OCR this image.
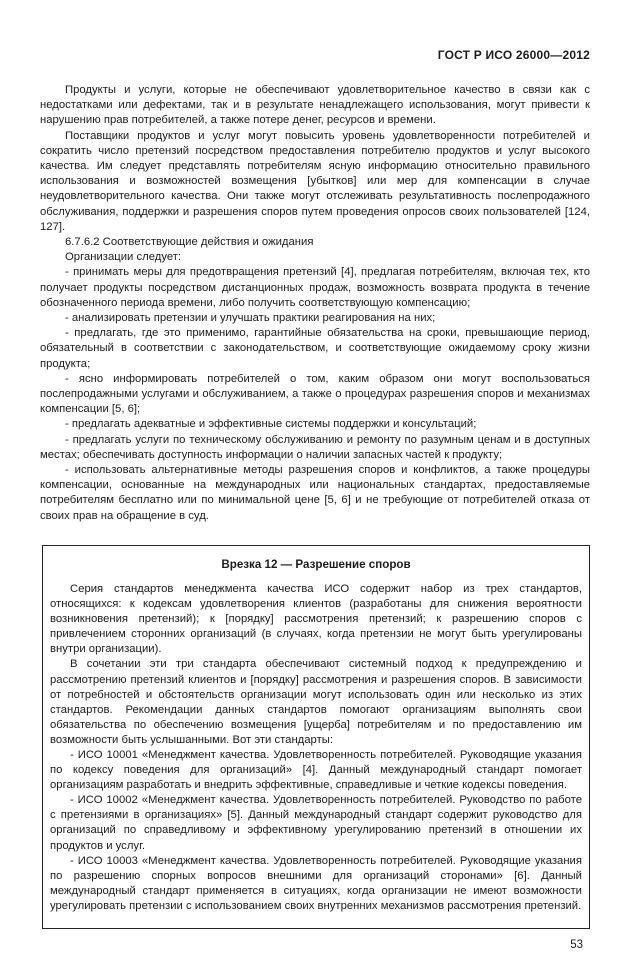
ГОСТ Р ИСО 26000—2012

Продукты и услуги, которые не обеспечивают удовлетворительное качество в связи как с недостатками или дефектами, так и в результате ненадлежащего использования, могут привести к нарушению прав потребителей, а также потере денег, ресурсов и времени.

Поставщики продуктов и услуг могут повысить уровень удовлетворенности потребителей и сократить число претензий посредством предоставления потребителю продуктов и услуг высокого качества. Им следует представлять потребителям ясную информацию относительно правильного использования и возможностей возмещения [убытков] или мер для компенсации в случае неудовлетворительного качества. Они также могут отслеживать результативность послепродажного обслуживания, поддержки и разрешения споров путем проведения опросов своих пользователей [124, 127].

6.7.6.2 Соответствующие действия и ожидания

Организации следует:

- принимать меры для предотвращения претензий [4], предлагая потребителям, включая тех, кто получает продукты посредством дистанционных продаж, возможность возврата продукта в течение обозначенного периода времени, либо получить соответствующую компенсацию;

- анализировать претензии и улучшать практики реагирования на них;

- предлагать, где это применимо, гарантийные обязательства на сроки, превышающие период, обязательный в соответствии с законодательством, и соответствующие ожидаемому сроку жизни продукта;

- ясно информировать потребителей о том, каким образом они могут воспользоваться послепродажными услугами и обслуживанием, а также о процедурах разрешения споров и механизмах компенсации [5, 6];

- предлагать адекватные и эффективные системы поддержки и консультаций;

- предлагать услуги по техническому обслуживанию и ремонту по разумным ценам и в доступных местах; обеспечивать доступность информации о наличии запасных частей к продукту;

- использовать альтернативные методы разрешения споров и конфликтов, а также процедуры компенсации, основанные на международных или национальных стандартах, предоставляемые потребителям бесплатно или по минимальной цене [5, 6] и не требующие от потребителей отказа от своих прав на обращение в суд.

Врезка 12 — Разрешение споров

Серия стандартов менеджмента качества ИСО содержит набор из трех стандартов, относящихся: к кодексам удовлетворения клиентов (разработаны для снижения вероятности возникновения претензий); к [порядку] рассмотрения претензий; к разрешению споров с привлечением сторонних организаций (в случаях, когда претензии не могут быть урегулированы внутри организации).

В сочетании эти три стандарта обеспечивают системный подход к предупреждению и рассмотрению претензий клиентов и [порядку] рассмотрения и разрешения споров. В зависимости от потребностей и обстоятельств организации могут использовать один или несколько из этих стандартов. Рекомендации данных стандартов помогают организациям выполнять свои обязательства по обеспечению возмещения [ущерба] потребителям и по предоставлению им возможности быть услышанными. Вот эти стандарты:

- ИСО 10001 «Менеджмент качества. Удовлетворенность потребителей. Руководящие указания по кодексу поведения для организаций» [4]. Данный международный стандарт помогает организациям разработать и внедрить эффективные, справедливые и четкие кодексы поведения.

- ИСО 10002 «Менеджмент качества. Удовлетворенность потребителей. Руководство по работе с претензиями в организациях» [5]. Данный международный стандарт содержит руководство для организаций по справедливому и эффективному урегулированию претензий в отношении их продуктов и услуг.

- ИСО 10003 «Менеджмент качества. Удовлетворенность потребителей. Руководящие указания по разрешению спорных вопросов внешними для организаций сторонами» [6]. Данный международный стандарт применяется в ситуациях, когда организации не имеют возможности урегулировать претензии с использованием своих внутренних механизмов рассмотрения претензий.

53
